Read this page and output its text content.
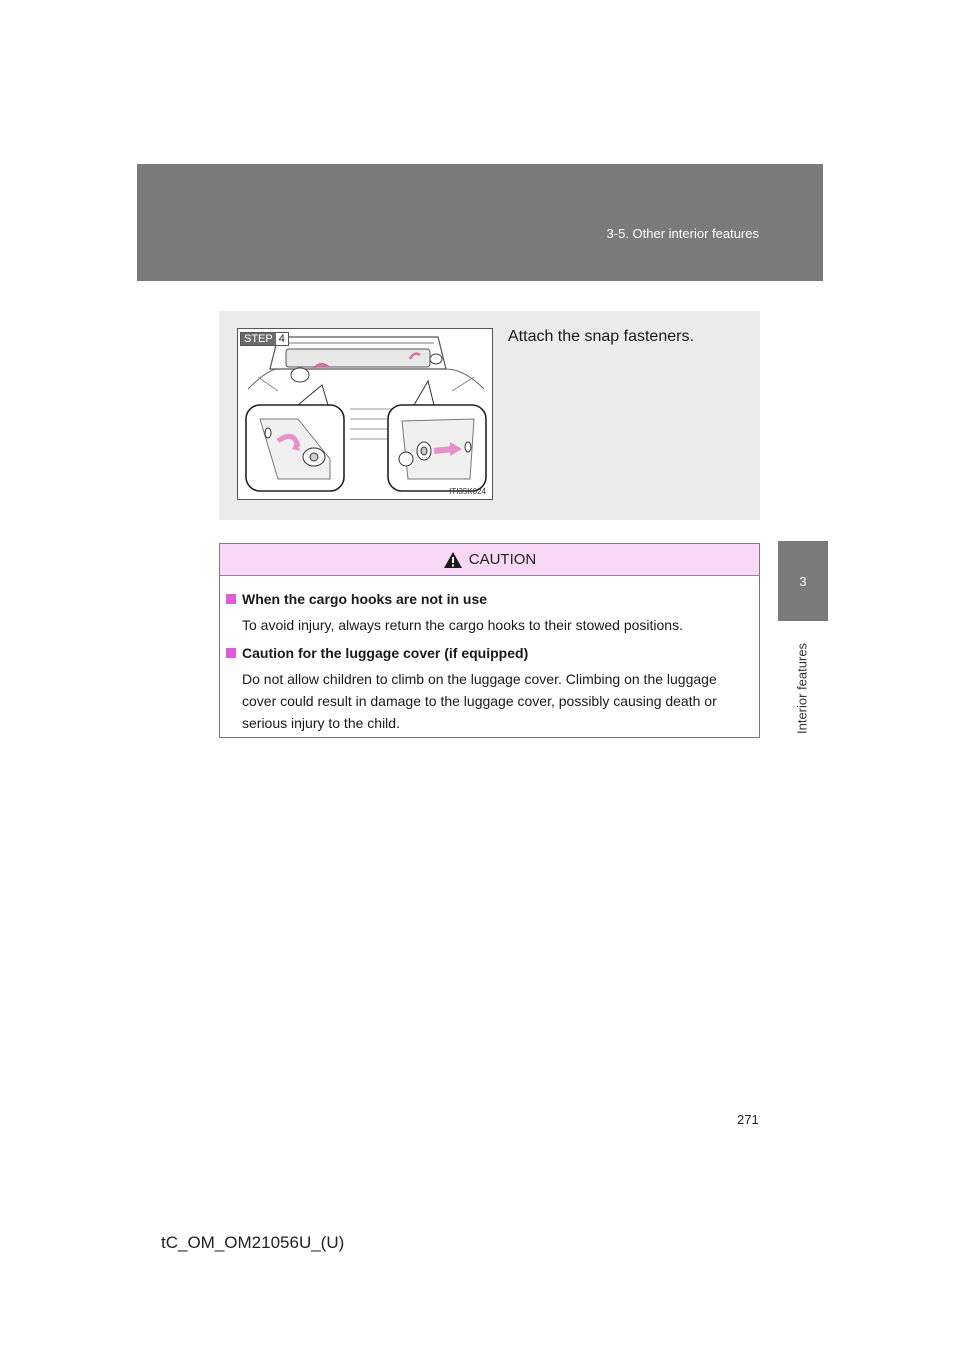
3-5. Other interior features
3
Interior features
STEP 4
ITI35K024
Attach the snap fasteners.
CAUTION
When the cargo hooks are not in use
To avoid injury, always return the cargo hooks to their stowed positions.
Caution for the luggage cover (if equipped)
Do not allow children to climb on the luggage cover. Climbing on the luggage cover could result in damage to the luggage cover, possibly causing death or serious injury to the child.
271
tC_OM_OM21056U_(U)
